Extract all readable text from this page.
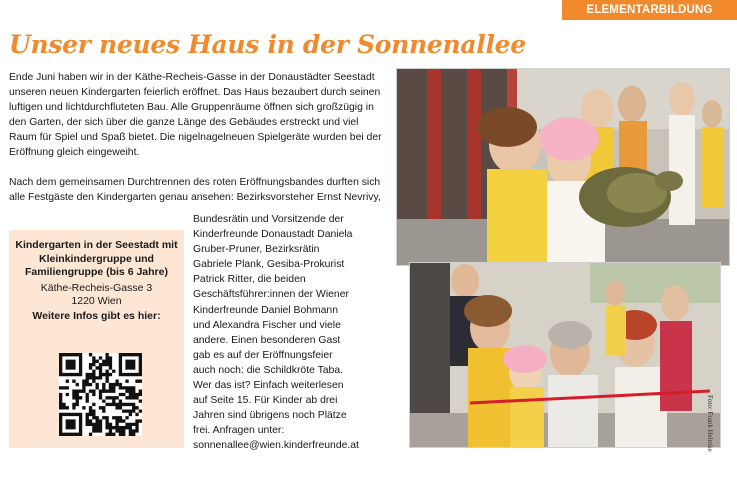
ELEMENTARBILDUNG
Unser neues Haus in der Sonnenallee

Ende Juni haben wir in der Käthe-Recheis-Gasse in der Donaustädter Seestadt unseren neuen Kindergarten feierlich eröffnet. Das Haus bezaubert durch seinen luftigen und lichtdurchfluteten Bau. Alle Gruppenräume öffnen sich großzügig in den Garten, der sich über die ganze Länge des Gebäudes erstreckt und viel Raum für Spiel und Spaß bietet. Die nigelnagelneuen Spielgeräte wurden bei der Eröffnung gleich eingeweiht.

Nach dem gemeinsamen Durchtrennen des roten Eröffnungsbandes durften sich alle Festgäste den Kindergarten genau ansehen: Bezirksvorsteher Ernst Nevrivy,

Bundesrätin und Vorsitzende der Kinderfreunde Donaustadt Daniela Gruber-Pruner, Bezirksrätin Gabriele Plank, Gesiba-Prokurist Patrick Ritter, die beiden Geschäftsführer:innen der Wiener Kinderfreunde Daniel Bohmann und Alexandra Fischer und viele andere. Einen besonderen Gast gab es auf der Eröffnungsfeier auch noch: die Schildkröte Taba. Wer das ist? Einfach weiterlesen auf Seite 15. Für Kinder ab drei Jahren sind übrigens noch Plätze frei. Anfragen unter: sonnenallee@wien.kinderfreunde.at

Kindergarten in der Seestadt mit Kleinkindergruppe und Familiengruppe (bis 6 Jahre)
Käthe-Recheis-Gasse 3
1220 Wien
Weitere Infos gibt es hier:
Foto: Frank Helmke
